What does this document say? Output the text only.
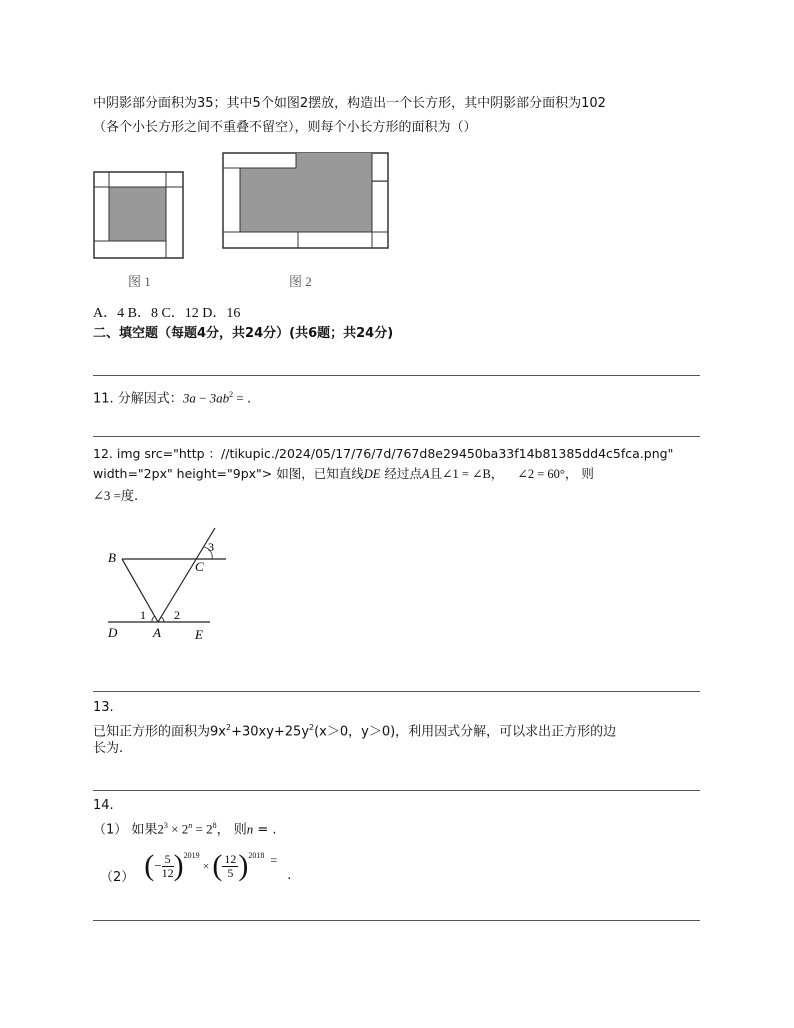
中阴影部分面积为35；其中5个如图2摆放，构造出一个长方形，其中阴影部分面积为102
（各个小长方形之间不重叠不留空），则每个小长方形的面积为（）
图 1	图 2
A．4 B．8 C．12 D．16
二、填空题（每题4分，共24分）(共6题；共24分)
11. 分解因式：$3a - 3ab^2$ = .
12. img src="http ：//tikupic./2024/05/17/76/7d/767d8e29450ba33f14b81385dd4c5fca.png"
width="2px" height="9px"> 如图，已知直线DE 经过点A且∠1 = ∠B， ∠2 = 60°， 则
∠3 =度.
B
C
3
1 2
D	A	E
13.
已知正方形的面积为$9x^2+30xy+25y^2(x>0$，y＞0)，利用因式分解，可以求出正方形的边
长为.
14.
（1） 如果$2^3 \times 2^n = 2^8$， 则n = .
（2） ( − $\frac{5}{12} )^{2019}$
× ( $\frac{12}{5} )^{2018}$ =
.
